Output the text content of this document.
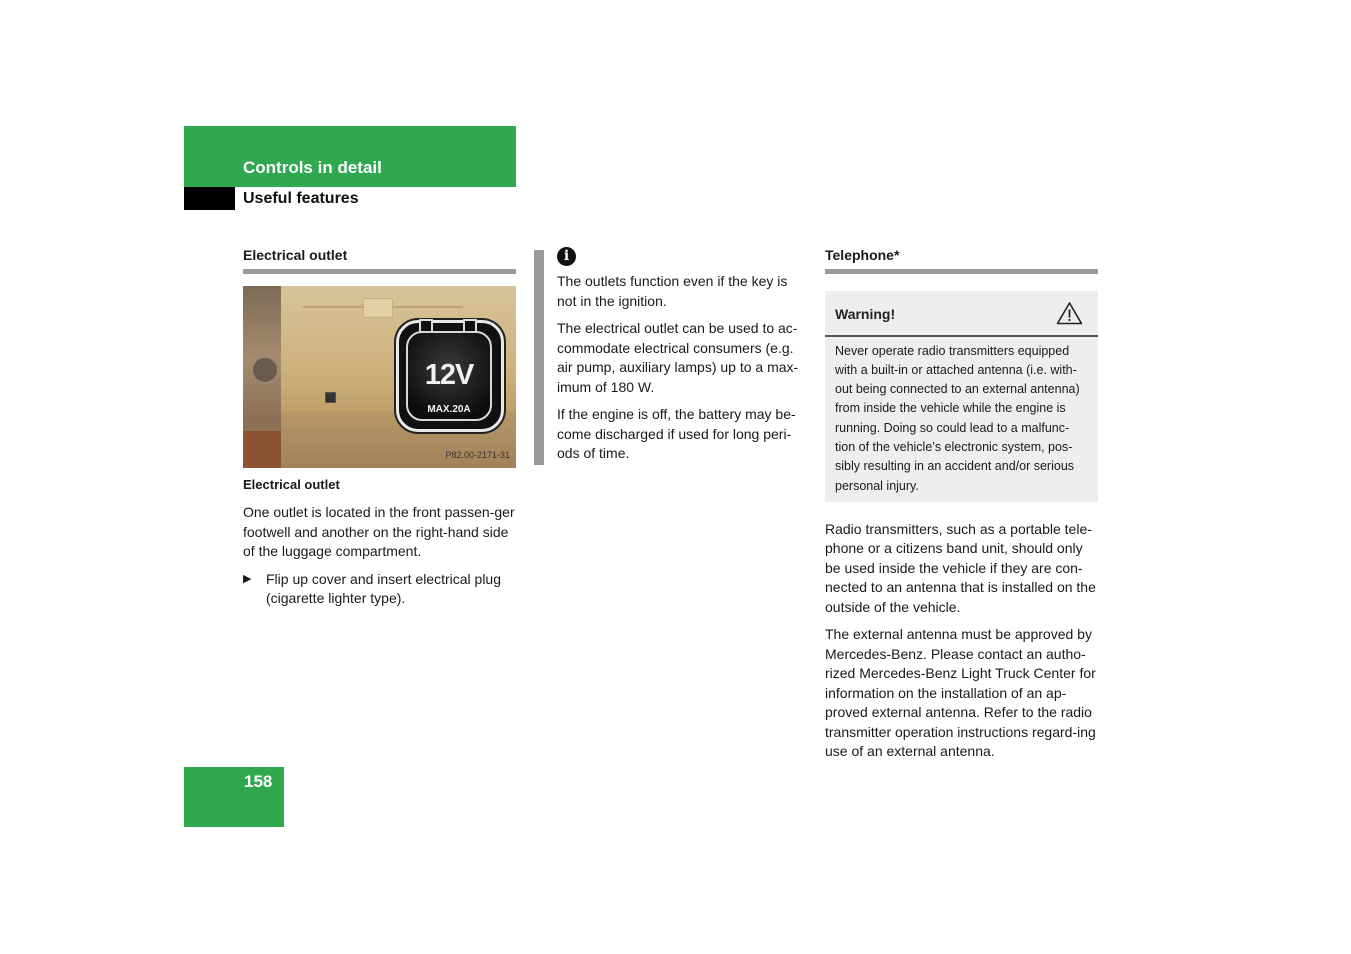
Controls in detail
Useful features
Electrical outlet
12V
MAX.20A
P82.00-2171-31
Electrical outlet

One outlet is located in the front passen-ger footwell and another on the right-hand side of the luggage compartment.

▶	Flip up cover and insert electrical plug (cigarette lighter type).
i

The outlets function even if the key is not in the ignition.

The electrical outlet can be used to ac-commodate electrical consumers (e.g. air pump, auxiliary lamps) up to a max-imum of 180 W.

If the engine is off, the battery may be-come discharged if used for long peri-ods of time.

Telephone*
Warning!
Never operate radio transmitters equipped with a built-in or attached antenna (i.e. with-out being connected to an external antenna) from inside the vehicle while the engine is running. Doing so could lead to a malfunc-tion of the vehicle’s electronic system, pos-sibly resulting in an accident and/or serious personal injury.

Radio transmitters, such as a portable tele-phone or a citizens band unit, should only be used inside the vehicle if they are con-nected to an antenna that is installed on the outside of the vehicle.

The external antenna must be approved by Mercedes-Benz. Please contact an autho-rized Mercedes-Benz Light Truck Center for information on the installation of an ap-proved external antenna. Refer to the radio transmitter operation instructions regard-ing use of an external antenna.

158
